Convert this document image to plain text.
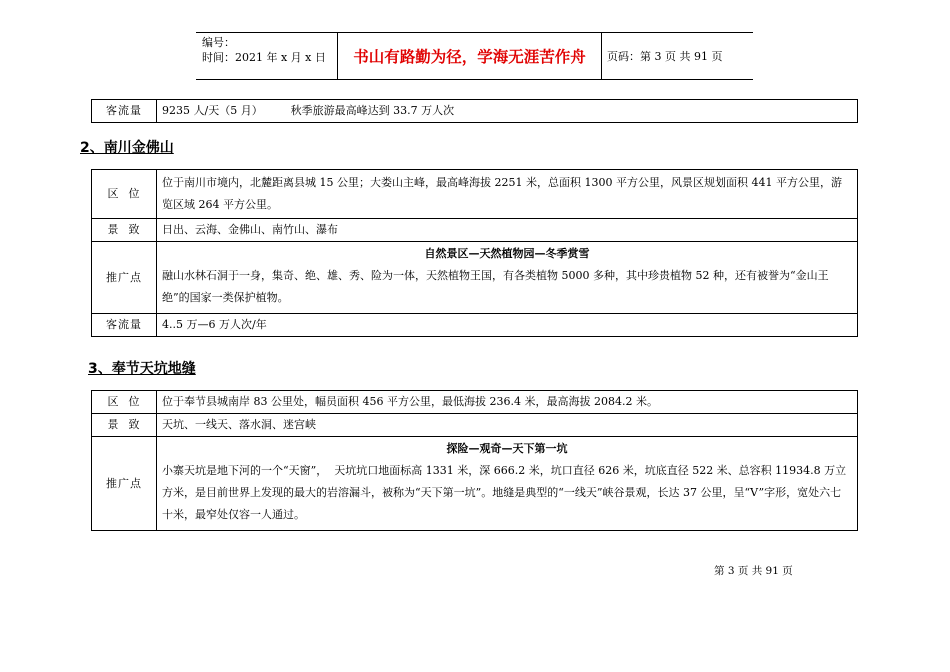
编号：
时间：2021 年 x 月 x 日	书山有路勤为径，学海无涯苦作舟	页码：第 3 页 共 91 页
客流量	9235 人/天（5 月）        秋季旅游最高峰达到 33.7 万人次
2、南川金佛山
区  位	位于南川市境内，北麓距离县城 15 公里；大娄山主峰，最高峰海拔 2251 米，总面积 1300 平方公里，风景区规划面积 441 平方公里，游览区域 264 平方公里。
景  致	日出、云海、金佛山、南竹山、瀑布
推广点	自然景区—天然植物园—冬季赏雪
融山水林石洞于一身，集奇、绝、雄、秀、险为一体，天然植物王国，有各类植物 5000 多种，其中珍贵植物 52 种，还有被誉为“金山王绝”的国家一类保护植物。

客流量	4..5 万—6 万人次/年
3、奉节天坑地缝
区  位	位于奉节县城南岸 83 公里处，幅员面积 456 平方公里，最低海拔 236.4 米，最高海拔 2084.2 米。
景  致	天坑、一线天、落水洞、迷宫峡
推广点	探险—观奇—天下第一坑
小寨天坑是地下河的一个“天窗”，  天坑坑口地面标高 1331 米，深 666.2 米，坑口直径 626 米，坑底直径 522 米、总容积 11934.8 万立方米，是目前世界上发现的最大的岩溶漏斗，被称为“天下第一坑”。地缝是典型的“一线天”峡谷景观，长达 37 公里，呈“V”字形，宽处六七十米，最窄处仅容一人通过。
第 3 页 共 91 页
